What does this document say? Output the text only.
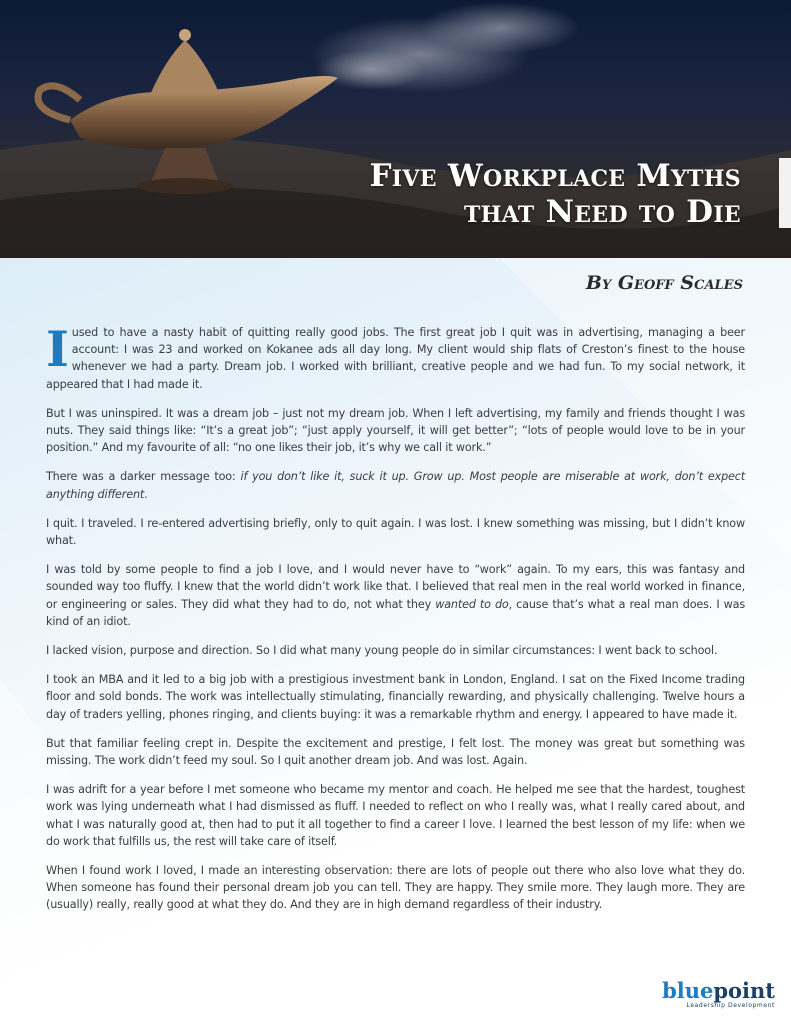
Five Workplace Myths
that Need to Die
By Geoff Scales

Iused to have a nasty habit of quitting really good jobs. The first great job I quit was in advertising, managing a beer account: I was 23 and worked on Kokanee ads all day long. My client would ship flats of Creston’s finest to the house whenever we had a party. Dream job. I worked with brilliant, creative people and we had fun. To my social network, it appeared that I had made it.

But I was uninspired. It was a dream job – just not my dream job. When I left advertising, my family and friends thought I was nuts. They said things like: “It’s a great job”; “just apply yourself, it will get better”; “lots of people would love to be in your position.” And my favourite of all: “no one likes their job, it’s why we call it work.”

There was a darker message too: if you don’t like it, suck it up. Grow up. Most people are miserable at work, don’t expect anything different.

I quit. I traveled. I re-entered advertising briefly, only to quit again. I was lost. I knew something was missing, but I didn’t know what.

I was told by some people to find a job I love, and I would never have to “work” again. To my ears, this was fantasy and sounded way too fluffy. I knew that the world didn’t work like that. I believed that real men in the real world worked in finance, or engineering or sales. They did what they had to do, not what they wanted to do, cause that’s what a real man does. I was kind of an idiot.

I lacked vision, purpose and direction. So I did what many young people do in similar circumstances: I went back to school.

I took an MBA and it led to a big job with a prestigious investment bank in London, England. I sat on the Fixed Income trading floor and sold bonds. The work was intellectually stimulating, financially rewarding, and physically challenging. Twelve hours a day of traders yelling, phones ringing, and clients buying: it was a remarkable rhythm and energy. I appeared to have made it.

But that familiar feeling crept in. Despite the excitement and prestige, I felt lost. The money was great but something was missing. The work didn’t feed my soul. So I quit another dream job. And was lost. Again.

I was adrift for a year before I met someone who became my mentor and coach. He helped me see that the hardest, toughest work was lying underneath what I had dismissed as fluff. I needed to reflect on who I really was, what I really cared about, and what I was naturally good at, then had to put it all together to find a career I love. I learned the best lesson of my life: when we do work that fulfills us, the rest will take care of itself.

When I found work I loved, I made an interesting observation: there are lots of people out there who also love what they do. When someone has found their personal dream job you can tell. They are happy. They smile more. They laugh more. They are (usually) really, really good at what they do. And they are in high demand regardless of their industry.

bluepoint
Leadership Development
